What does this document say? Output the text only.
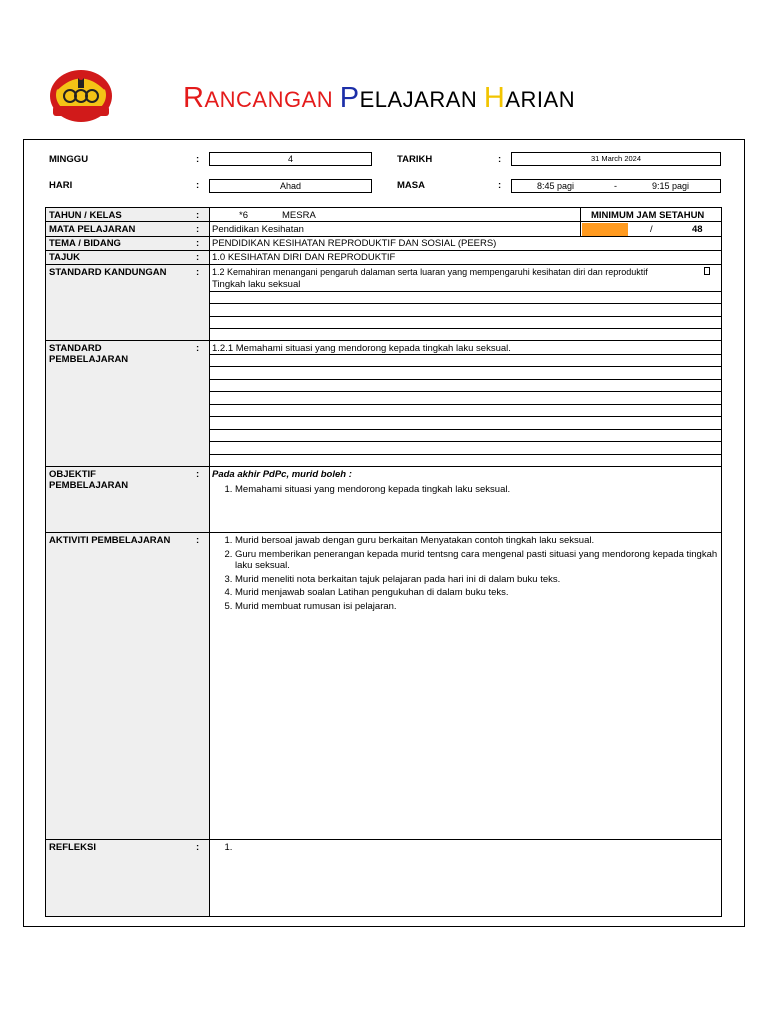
RANCANGAN PELAJARAN HARIAN
MINGGU	:	4	TARIKH	:	31 March 2024
HARI	:	Ahad	MASA	:	8:45 pagi	-	9:15 pagi
TAHUN / KELAS	:	*6	MESRA	MINIMUM JAM SETAHUN
/	48
MATA PELAJARAN	: Pendidikan Kesihatan
TEMA / BIDANG	: PENDIDIKAN KESIHATAN REPRODUKTIF DAN SOSIAL (PEERS)
TAJUK	: 1.0 KESIHATAN DIRI DAN REPRODUKTIF
STANDARD KANDUNGAN	: 1.2 Kemahiran menangani pengaruh dalaman serta luaran yang mempengaruhi kesihatan diri dan reproduktif
Tingkah laku seksual
STANDARD
PEMBELAJARAN
: 1.2.1 Memahami situasi yang mendorong kepada tingkah laku seksual.
OBJEKTIF
PEMBELAJARAN
: Pada akhir PdPc, murid boleh :
1. Memahami situasi yang mendorong kepada tingkah laku seksual.
AKTIVITI PEMBELAJARAN	:
1.	Murid bersoal jawab dengan guru berkaitan Menyatakan contoh tingkah laku seksual.
2. Guru memberikan penerangan kepada murid tentsng cara mengenal pasti situasi yang mendorong kepada tingkah laku seksual.
3. Murid meneliti nota berkaitan tajuk pelajaran pada hari ini di dalam buku teks.
4. Murid menjawab soalan Latihan pengukuhan di dalam buku teks.
5. Murid membuat rumusan isi pelajaran.
REFLEKSI	:
1.
